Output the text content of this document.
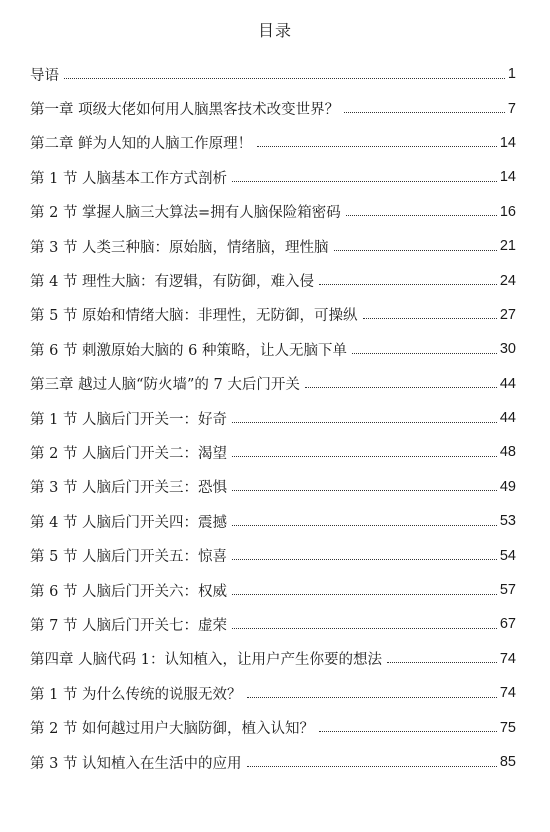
目录
导语	1
第一章 项级大佬如何用人脑黑客技术改变世界？	7
第二章 鲜为人知的人脑工作原理！	14
第 1 节 人脑基本工作方式剖析	14
第 2 节 掌握人脑三大算法=拥有人脑保险箱密码	16
第 3 节 人类三种脑：原始脑，情绪脑，理性脑	21
第 4 节 理性大脑：有逻辑，有防御，难入侵	24
第 5 节 原始和情绪大脑：非理性，无防御，可操纵	27
第 6 节 刺激原始大脑的 6 种策略，让人无脑下单	30
第三章 越过人脑“防火墙”的 7 大后门开关	44
第 1 节 人脑后门开关一：好奇	44
第 2 节 人脑后门开关二：渴望	48
第 3 节 人脑后门开关三：恐惧	49
第 4 节 人脑后门开关四：震撼	53
第 5 节 人脑后门开关五：惊喜	54
第 6 节 人脑后门开关六：权威	57
第 7 节 人脑后门开关七：虚荣	67
第四章 人脑代码 1：认知植入，让用户产生你要的想法	74
第 1 节 为什么传统的说服无效？	74
第 2 节 如何越过用户大脑防御，植入认知？	75
第 3 节 认知植入在生活中的应用	85
